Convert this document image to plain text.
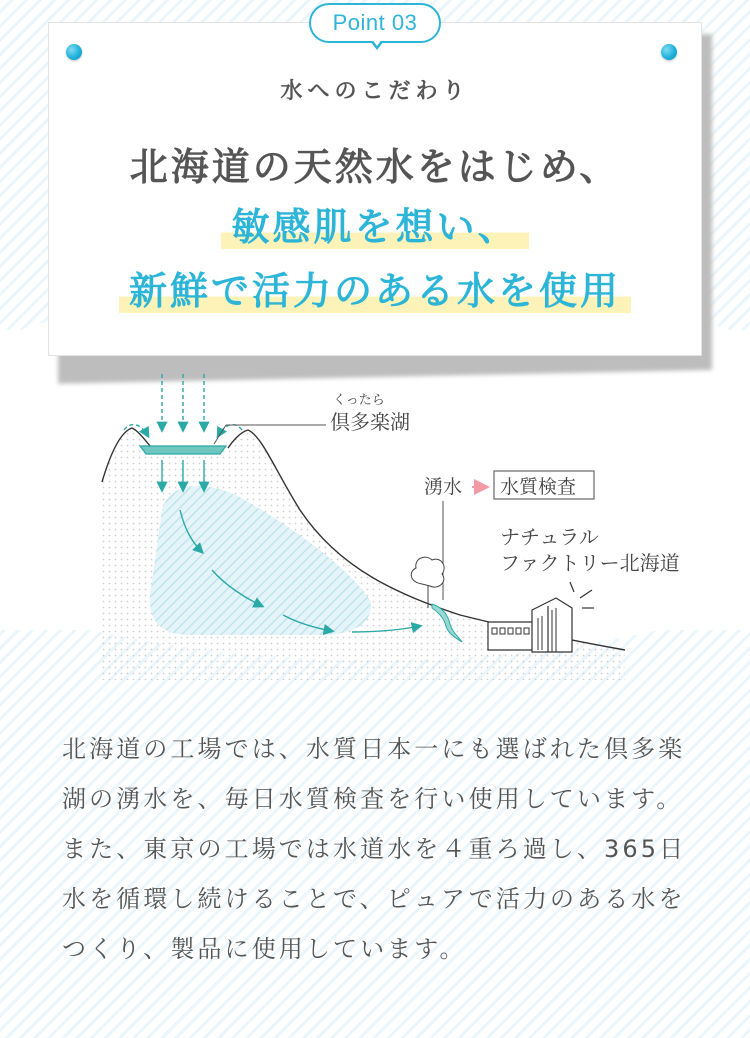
Point 03
水へのこだわり
北海道の天然水をはじめ、
敏感肌を想い、
新鮮で活力のある水を使用
くったら
倶多楽湖
湧水 水質検査
ナチュラル
ファクトリー北海道
北海道の工場では、水質日本一にも選ばれた倶多楽湖の湧水を、毎日水質検査を行い使用しています。また、東京の工場では水道水を４重ろ過し、365日水を循環し続けることで、ピュアで活力のある水をつくり、製品に使用しています。
